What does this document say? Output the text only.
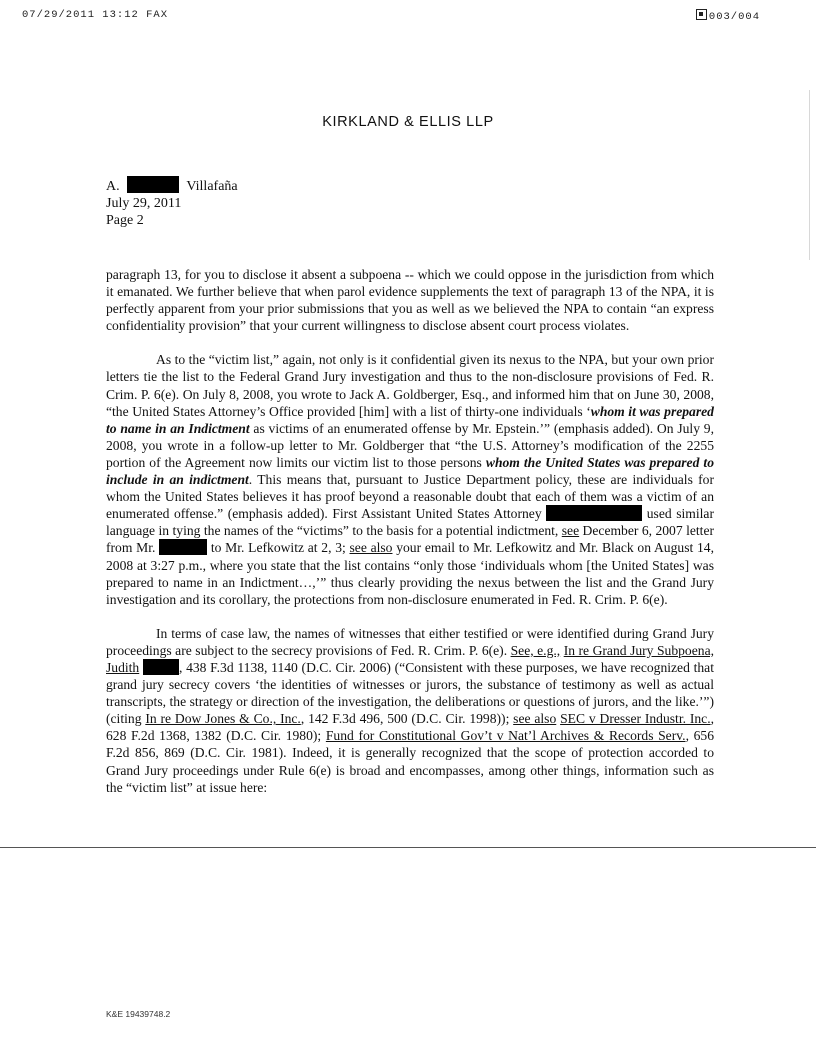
07/29/2011 13:12 FAX	003/004
KIRKLAND & ELLIS LLP
A.	Villafaña
July 29, 2011
Page 2

paragraph 13, for you to disclose it absent a subpoena -- which we could oppose in the jurisdiction from which it emanated. We further believe that when parol evidence supplements the text of paragraph 13 of the NPA, it is perfectly apparent from your prior submissions that you as well as we believed the NPA to contain “an express confidentiality provision” that your current willingness to disclose absent court process violates.

As to the “victim list,” again, not only is it confidential given its nexus to the NPA, but your own prior letters tie the list to the Federal Grand Jury investigation and thus to the non-disclosure provisions of Fed. R. Crim. P. 6(e). On July 8, 2008, you wrote to Jack A. Goldberger, Esq., and informed him that on June 30, 2008, “the United States Attorney’s Office provided [him] with a list of thirty-one individuals ‘whom it was prepared to name in an Indictment as victims of an enumerated offense by Mr. Epstein.’” (emphasis added). On July 9, 2008, you wrote in a follow-up letter to Mr. Goldberger that “the U.S. Attorney’s modification of the 2255 portion of the Agreement now limits our victim list to those persons whom the United States was prepared to include in an indictment. This means that, pursuant to Justice Department policy, these are individuals for whom the United States believes it has proof beyond a reasonable doubt that each of them was a victim of an enumerated offense.” (emphasis added). First Assistant United States Attorney	used similar language in tying the names of the “victims” to the basis for a potential indictment, see December 6, 2007 letter from Mr.	to Mr. Lefkowitz at 2, 3; see also your email to Mr. Lefkowitz and Mr. Black on August 14, 2008 at 3:27 p.m., where you state that the list contains “only those ‘individuals whom [the United States] was prepared to name in an Indictment…,’” thus clearly providing the nexus between the list and the Grand Jury investigation and its corollary, the protections from non-disclosure enumerated in Fed. R. Crim. P. 6(e).

In terms of case law, the names of witnesses that either testified or were identified during Grand Jury proceedings are subject to the secrecy provisions of Fed. R. Crim. P. 6(e). See, e.g., In re Grand Jury Subpoena, Judith	, 438 F.3d 1138, 1140 (D.C. Cir. 2006) (“Consistent with these purposes, we have recognized that grand jury secrecy covers ‘the identities of witnesses or jurors, the substance of testimony as well as actual transcripts, the strategy or direction of the investigation, the deliberations or questions of jurors, and the like.’”) (citing In re Dow Jones & Co., Inc., 142 F.3d 496, 500 (D.C. Cir. 1998)); see also SEC v Dresser Industr. Inc., 628 F.2d 1368, 1382 (D.C. Cir. 1980); Fund for Constitutional Gov’t v Nat’l Archives & Records Serv., 656 F.2d 856, 869 (D.C. Cir. 1981). Indeed, it is generally recognized that the scope of protection accorded to Grand Jury proceedings under Rule 6(e) is broad and encompasses, among other things, information such as the “victim list” at issue here:

K&E 19439748.2
